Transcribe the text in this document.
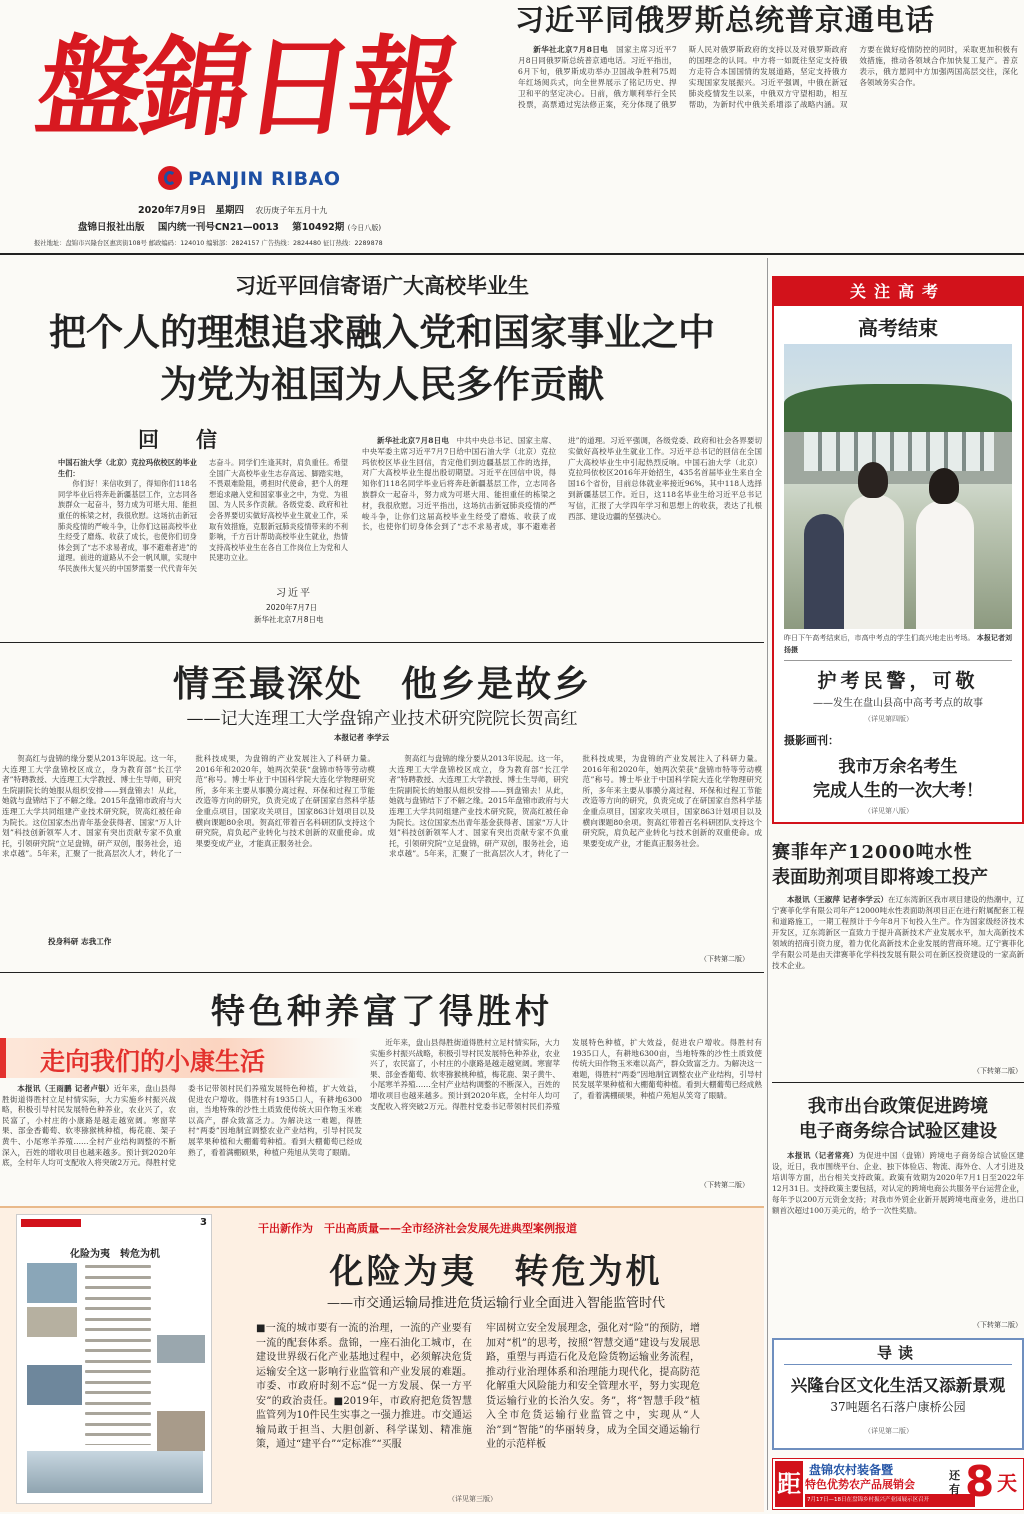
盤錦日報
PANJIN RIBAO
2020年7月9日 星期四 农历庚子年五月十九
盘锦日报社出版 国内统一刊号CN21—0013 第10492期 (今日八版)
报社地址：盘锦市兴隆台区惠宾街108号 邮政编码：124010 编辑部：2824157 广告热线：2824480 征订热线：2289878
习近平同俄罗斯总统普京通电话

新华社北京7月8日电　 国家主席习近平7月8日同俄罗斯总统普京通电话。习近平指出，6月下旬，俄罗斯成功举办卫国战争胜利75周年红场阅兵式，向全世界展示了铭记历史、捍卫和平的坚定决心。日前，俄方顺利举行全民投票，高票通过宪法修正案，充分体现了俄罗斯人民对俄罗斯政府的支持以及对俄罗斯政府的国理念的认同。中方将一如既往坚定支持俄方走符合本国国情的发展道路，坚定支持俄方实现国家发展振兴。习近平强调，中俄在新冠肺炎疫情发生以来，中俄双方守望相助，相互帮助，为新时代中俄关系增添了战略内涵。双方要在做好疫情防控的同时，采取更加积极有效措施，推动各领域合作加快复工复产。普京表示，俄方愿同中方加强两国高层交往，深化各领域务实合作。

关注高考
高考结束
昨日下午高考结束后，市高中考点的学生们高兴地走出考场。 本报记者刘扬摄
护考民警，可敬
——发生在盘山县高中高考考点的故事
（详见第四版）
摄影画刊：
我市万余名考生
完成人生的一次大考！
（详见第八版）
赛菲年产12000吨水性
表面助剂项目即将竣工投产

本报讯（王淑萍 记者李学云）在辽东湾新区我市项目建设的热潮中，辽宁赛菲化学有限公司年产12000吨水性表面助剂项目正在进行附属配套工程和道路施工，一期工程预计于今年8月下旬投入生产。作为国家级经济技术开发区，辽东湾新区一直致力于提升高新技术产业发展水平，加大高新技术领域的招商引资力度，着力优化高新技术企业发展的营商环境。辽宁赛菲化学有限公司是由天津赛菲化学科技发展有限公司在新区投资建设的一家高新技术企业。

（下转第二版）
我市出台政策促进跨境
电子商务综合试验区建设

本报讯（记者常亮）为促进中国（盘锦）跨境电子商务综合试验区建设，近日，我市围绕平台、企业、独下体验店、物流、海外仓、人才引进及培训等方面，出台相关支持政策。政策有效期为2020年7月1日至2022年12月31日。支持政策主要包括，对认定的跨境电商公共服务平台运营企业，每年予以200万元资金支持；对我市外贸企业新开展跨境电商业务，进出口额首次超过100万美元的，给予一次性奖励。

（下转第二版）
导读
兴隆台区文化生活又添新景观
37吨题名石落户康桥公园
（详见第二版）
距 盘锦农村装备暨
特色优势农产品展销会
7月17日—18日在盘锦乡村振兴产业园展示区召开
还有 8 天
习近平回信寄语广大高校毕业生
把个人的理想追求融入党和国家事业之中
为党为祖国为人民多作贡献
回　信
中国石油大学（北京）克拉玛依校区的毕业生们：

你们好！来信收到了，得知你们118名同学毕业后将奔赴新疆基层工作，立志同各族群众一起奋斗，努力成为可堪大用、能担重任的栋梁之材，我很欣慰。这场抗击新冠肺炎疫情的严峻斗争，让你们这届高校毕业生经受了磨炼、收获了成长，也使你们切身体会到了“志不求易者成，事不避难者进”的道理。前进的道路从不会一帆风顺，实现中华民族伟大复兴的中国梦需要一代代青年矢志奋斗。同学们生逢其时，肩负重任。希望全国广大高校毕业生志存高远、脚踏实地，不畏艰难险阻，勇担时代使命，把个人的理想追求融入党和国家事业之中，为党、为祖国、为人民多作贡献。各级党委、政府和社会各界要切实做好高校毕业生就业工作，采取有效措施，克服新冠肺炎疫情带来的不利影响，千方百计帮助高校毕业生就业，热情支持高校毕业生在各自工作岗位上为党和人民建功立业。

习近平
2020年7月7日
新华社北京7月8日电

新华社北京7月8日电　 中共中央总书记、国家主席、中央军委主席习近平7月7日给中国石油大学（北京）克拉玛依校区毕业生回信，肯定他们到边疆基层工作的选择，对广大高校毕业生提出殷切期望。习近平在回信中说，得知你们118名同学毕业后将奔赴新疆基层工作，立志同各族群众一起奋斗，努力成为可堪大用、能担重任的栋梁之材，我很欣慰。习近平指出，这场抗击新冠肺炎疫情的严峻斗争，让你们这届高校毕业生经受了磨炼、收获了成长，也使你们切身体会到了“志不求易者成，事不避难者进”的道理。习近平强调，各级党委、政府和社会各界要切实做好高校毕业生就业工作。习近平总书记的回信在全国广大高校毕业生中引起热烈反响。中国石油大学（北京）克拉玛依校区2016年开始招生，435名首届毕业生来自全国16个省份，目前总体就业率接近96%，其中118人选择到新疆基层工作。近日，这118名毕业生给习近平总书记写信，汇报了大学四年学习和思想上的收获，表达了扎根西部、建设边疆的坚强决心。

情至最深处　他乡是故乡
——记大连理工大学盘锦产业技术研究院院长贺高红
本报记者 李学云

贺高红与盘锦的缘分要从2013年说起。这一年，大连理工大学盘锦校区成立，身为教育部“长江学者”特聘教授、大连理工大学教授、博士生导师，研究生院副院长的她服从组织安排——到盘锦去！从此，她就与盘锦结下了不解之缘。2015年盘锦市政府与大连理工大学共同组建产业技术研究院，贺高红被任命为院长。这位国家杰出青年基金获得者、国家“万人计划”科技创新领军人才、国家有突出贡献专家不负重托，引领研究院“立足盘锦，研产双创，服务社会，追求卓越”。5年来，汇聚了一批高层次人才，转化了一批科技成果，为盘锦的产业发展注入了科研力量。2016年和2020年，她两次荣获“盘锦市特等劳动模范”称号。博士毕业于中国科学院大连化学物理研究所，多年来主要从事膜分离过程、环保和过程工节能改造等方向的研究，负责完成了在研国家自然科学基金重点项目，国家攻关项目，国家863计划项目以及横向课题80余项。贺高红带着百名科研团队支持这个研究院，肩负起产业转化与技术创新的双重使命。成果要变成产业，才能真正服务社会。

贺高红与盘锦的缘分要从2013年说起。这一年，大连理工大学盘锦校区成立，身为教育部“长江学者”特聘教授、大连理工大学教授、博士生导师，研究生院副院长的她服从组织安排——到盘锦去！从此，她就与盘锦结下了不解之缘。2015年盘锦市政府与大连理工大学共同组建产业技术研究院，贺高红被任命为院长。这位国家杰出青年基金获得者、国家“万人计划”科技创新领军人才、国家有突出贡献专家不负重托，引领研究院“立足盘锦，研产双创，服务社会，追求卓越”。5年来，汇聚了一批高层次人才，转化了一批科技成果，为盘锦的产业发展注入了科研力量。2016年和2020年，她两次荣获“盘锦市特等劳动模范”称号。博士毕业于中国科学院大连化学物理研究所，多年来主要从事膜分离过程、环保和过程工节能改造等方向的研究，负责完成了在研国家自然科学基金重点项目，国家攻关项目，国家863计划项目以及横向课题80余项。贺高红带着百名科研团队支持这个研究院，肩负起产业转化与技术创新的双重使命。成果要变成产业，才能真正服务社会。

投身科研 志我工作
（下转第二版）
特色种养富了得胜村
走向我们的小康生活

本报讯（王雨鹏 记者卢银）近年来，盘山县得胜街道得胜村立足村情实际，大力实施乡村振兴战略，积极引导村民发展特色种养业，农业兴了，农民富了，小村庄的小康路是越走越宽阔。寒窗苹果、部金香葡萄、软枣猕猴桃种植，梅花鹿、架子黄牛、小尾寒羊养殖……全村产业结构调整的不断深入，百姓的增收项目也越来越多。预计到2020年底，全村年人均可支配收入将突破2万元。得胜村党委书记带领村民们养殖发展特色种植，扩大效益，促进农户增收。得胜村有1935口人，有耕地6300亩，当地特殊的沙性土质致使传统大田作物玉米难以高产，群众致富乏力。为解决这一难题，得胜村“两委”因地制宜调整农业产业结构，引导村民发展苹果种植和大棚葡萄种植。看到大棚葡萄已经成熟了，看着满棚硕果，种植户苑旭从笑弯了眼睛。

近年来，盘山县得胜街道得胜村立足村情实际，大力实施乡村振兴战略，积极引导村民发展特色种养业，农业兴了，农民富了，小村庄的小康路是越走越宽阔。寒窗苹果、部金香葡萄、软枣猕猴桃种植，梅花鹿、架子黄牛、小尾寒羊养殖……全村产业结构调整的不断深入，百姓的增收项目也越来越多。预计到2020年底，全村年人均可支配收入将突破2万元。得胜村党委书记带领村民们养殖发展特色种植，扩大效益，促进农户增收。得胜村有1935口人，有耕地6300亩，当地特殊的沙性土质致使传统大田作物玉米难以高产，群众致富乏力。为解决这一难题，得胜村“两委”因地制宜调整农业产业结构，引导村民发展苹果种植和大棚葡萄种植。看到大棚葡萄已经成熟了，看着满棚硕果，种植户苑旭从笑弯了眼睛。

（下转第二版）
3
化险为夷　转危为机
干出新作为　干出高质量——全市经济社会发展先进典型案例报道
化险为夷　转危为机
——市交通运输局推进危货运输行业全面进入智能监管时代
■一流的城市要有一流的治理，一流的产业要有一流的配套体系。盘锦，一座石油化工城市，在建设世界级石化产业基地过程中，必须解决危货运输安全这一影响行业监管和产业发展的难题。市委、市政府时刻不忘“促一方发展、保一方平安”的政治责任。■2019年，市政府把危货智慧监管列为10件民生实事之一强力推进。市交通运输局敢于担当、大胆创新、科学谋划、精准施策，通过“建平台”“定标准”“买服
牢固树立安全发展理念，强化对“险”的预防，增加对“机”的思考，按照“智慧交通”建设与发展思路，重塑与再造石化及危险货物运输业务流程，推动行业治理体系和治理能力现代化，提高防范化解重大风险能力和安全管理水平，努力实现危货运输行业的长治久安。务”，将“智慧手段”植入全市危货运输行业监管之中，实现从“人治”到“智能”的华丽转身，成为全国交通运输行业的示范样板
（详见第三版）
